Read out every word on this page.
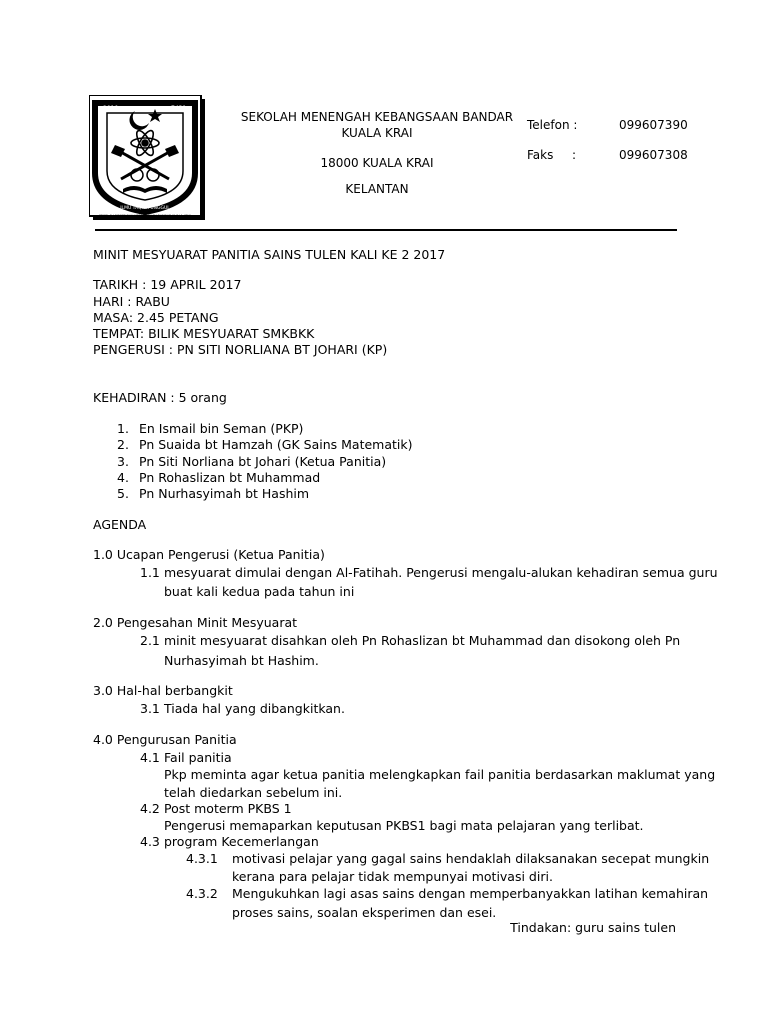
2010	7431
ILMU TAQWA UNGGUL
SEKOLAH MENENGAH KEBANGSAAN BANDAR KUALA KRAI
SEKOLAH MENENGAH KEBANGSAAN BANDAR
KUALA KRAI
18000 KUALA KRAI
KELANTAN
Telefon :	099607390
Faks :	099607308
MINIT MESYUARAT PANITIA SAINS TULEN KALI KE 2 2017
TARIKH : 19 APRIL 2017
HARI : RABU
MASA: 2.45 PETANG
TEMPAT: BILIK MESYUARAT SMKBKK
PENGERUSI : PN SITI NORLIANA BT JOHARI (KP)
KEHADIRAN : 5 orang
1. En Ismail bin Seman (PKP)
2. Pn Suaida bt Hamzah (GK Sains Matematik)
3. Pn Siti Norliana bt Johari (Ketua Panitia)
4. Pn Rohaslizan bt Muhammad
5. Pn Nurhasyimah bt Hashim
AGENDA
1.0 Ucapan Pengerusi (Ketua Panitia)
1.1 mesyuarat dimulai dengan Al-Fatihah. Pengerusi mengalu-alukan kehadiran semua guru
buat kali kedua pada tahun ini
2.0 Pengesahan Minit Mesyuarat
2.1 minit mesyuarat disahkan oleh Pn Rohaslizan bt Muhammad dan disokong oleh Pn
Nurhasyimah bt Hashim.
3.0 Hal-hal berbangkit
3.1 Tiada hal yang dibangkitkan.
4.0 Pengurusan Panitia
4.1 Fail panitia
Pkp meminta agar ketua panitia melengkapkan fail panitia berdasarkan maklumat yang
telah diedarkan sebelum ini.
4.2 Post moterm PKBS 1
Pengerusi memaparkan keputusan PKBS1 bagi mata pelajaran yang terlibat.
4.3 program Kecemerlangan
4.3.1 motivasi pelajar yang gagal sains hendaklah dilaksanakan secepat mungkin
kerana para pelajar tidak mempunyai motivasi diri.
4.3.2 Mengukuhkan lagi asas sains dengan memperbanyakkan latihan kemahiran
proses sains, soalan eksperimen dan esei.
Tindakan: guru sains tulen
